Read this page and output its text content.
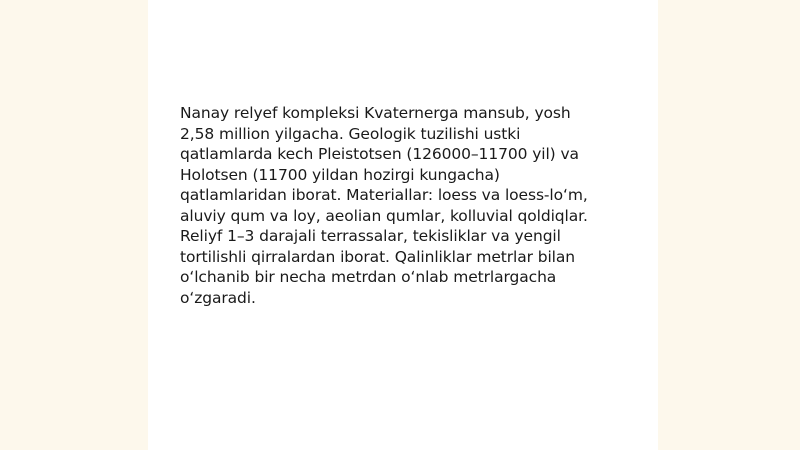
Nanay relyef kompleksi Kvaternerga mansub, yosh
2,58 million yilgacha. Geologik tuzilishi ustki
qatlamlarda kech Pleistotsen (126000–11700 yil) va
Holotsen (11700 yildan hozirgi kungacha)
qatlamlaridan iborat. Materiallar: loess va loess-loʻm,
aluviy qum va loy, aeolian qumlar, kolluvial qoldiqlar.
Reliyf 1–3 darajali terrassalar, tekisliklar va yengil
tortilishli qirralardan iborat. Qalinliklar metrlar bilan
oʻlchanib bir necha metrdan oʻnlab metrlargacha
oʻzgaradi.
